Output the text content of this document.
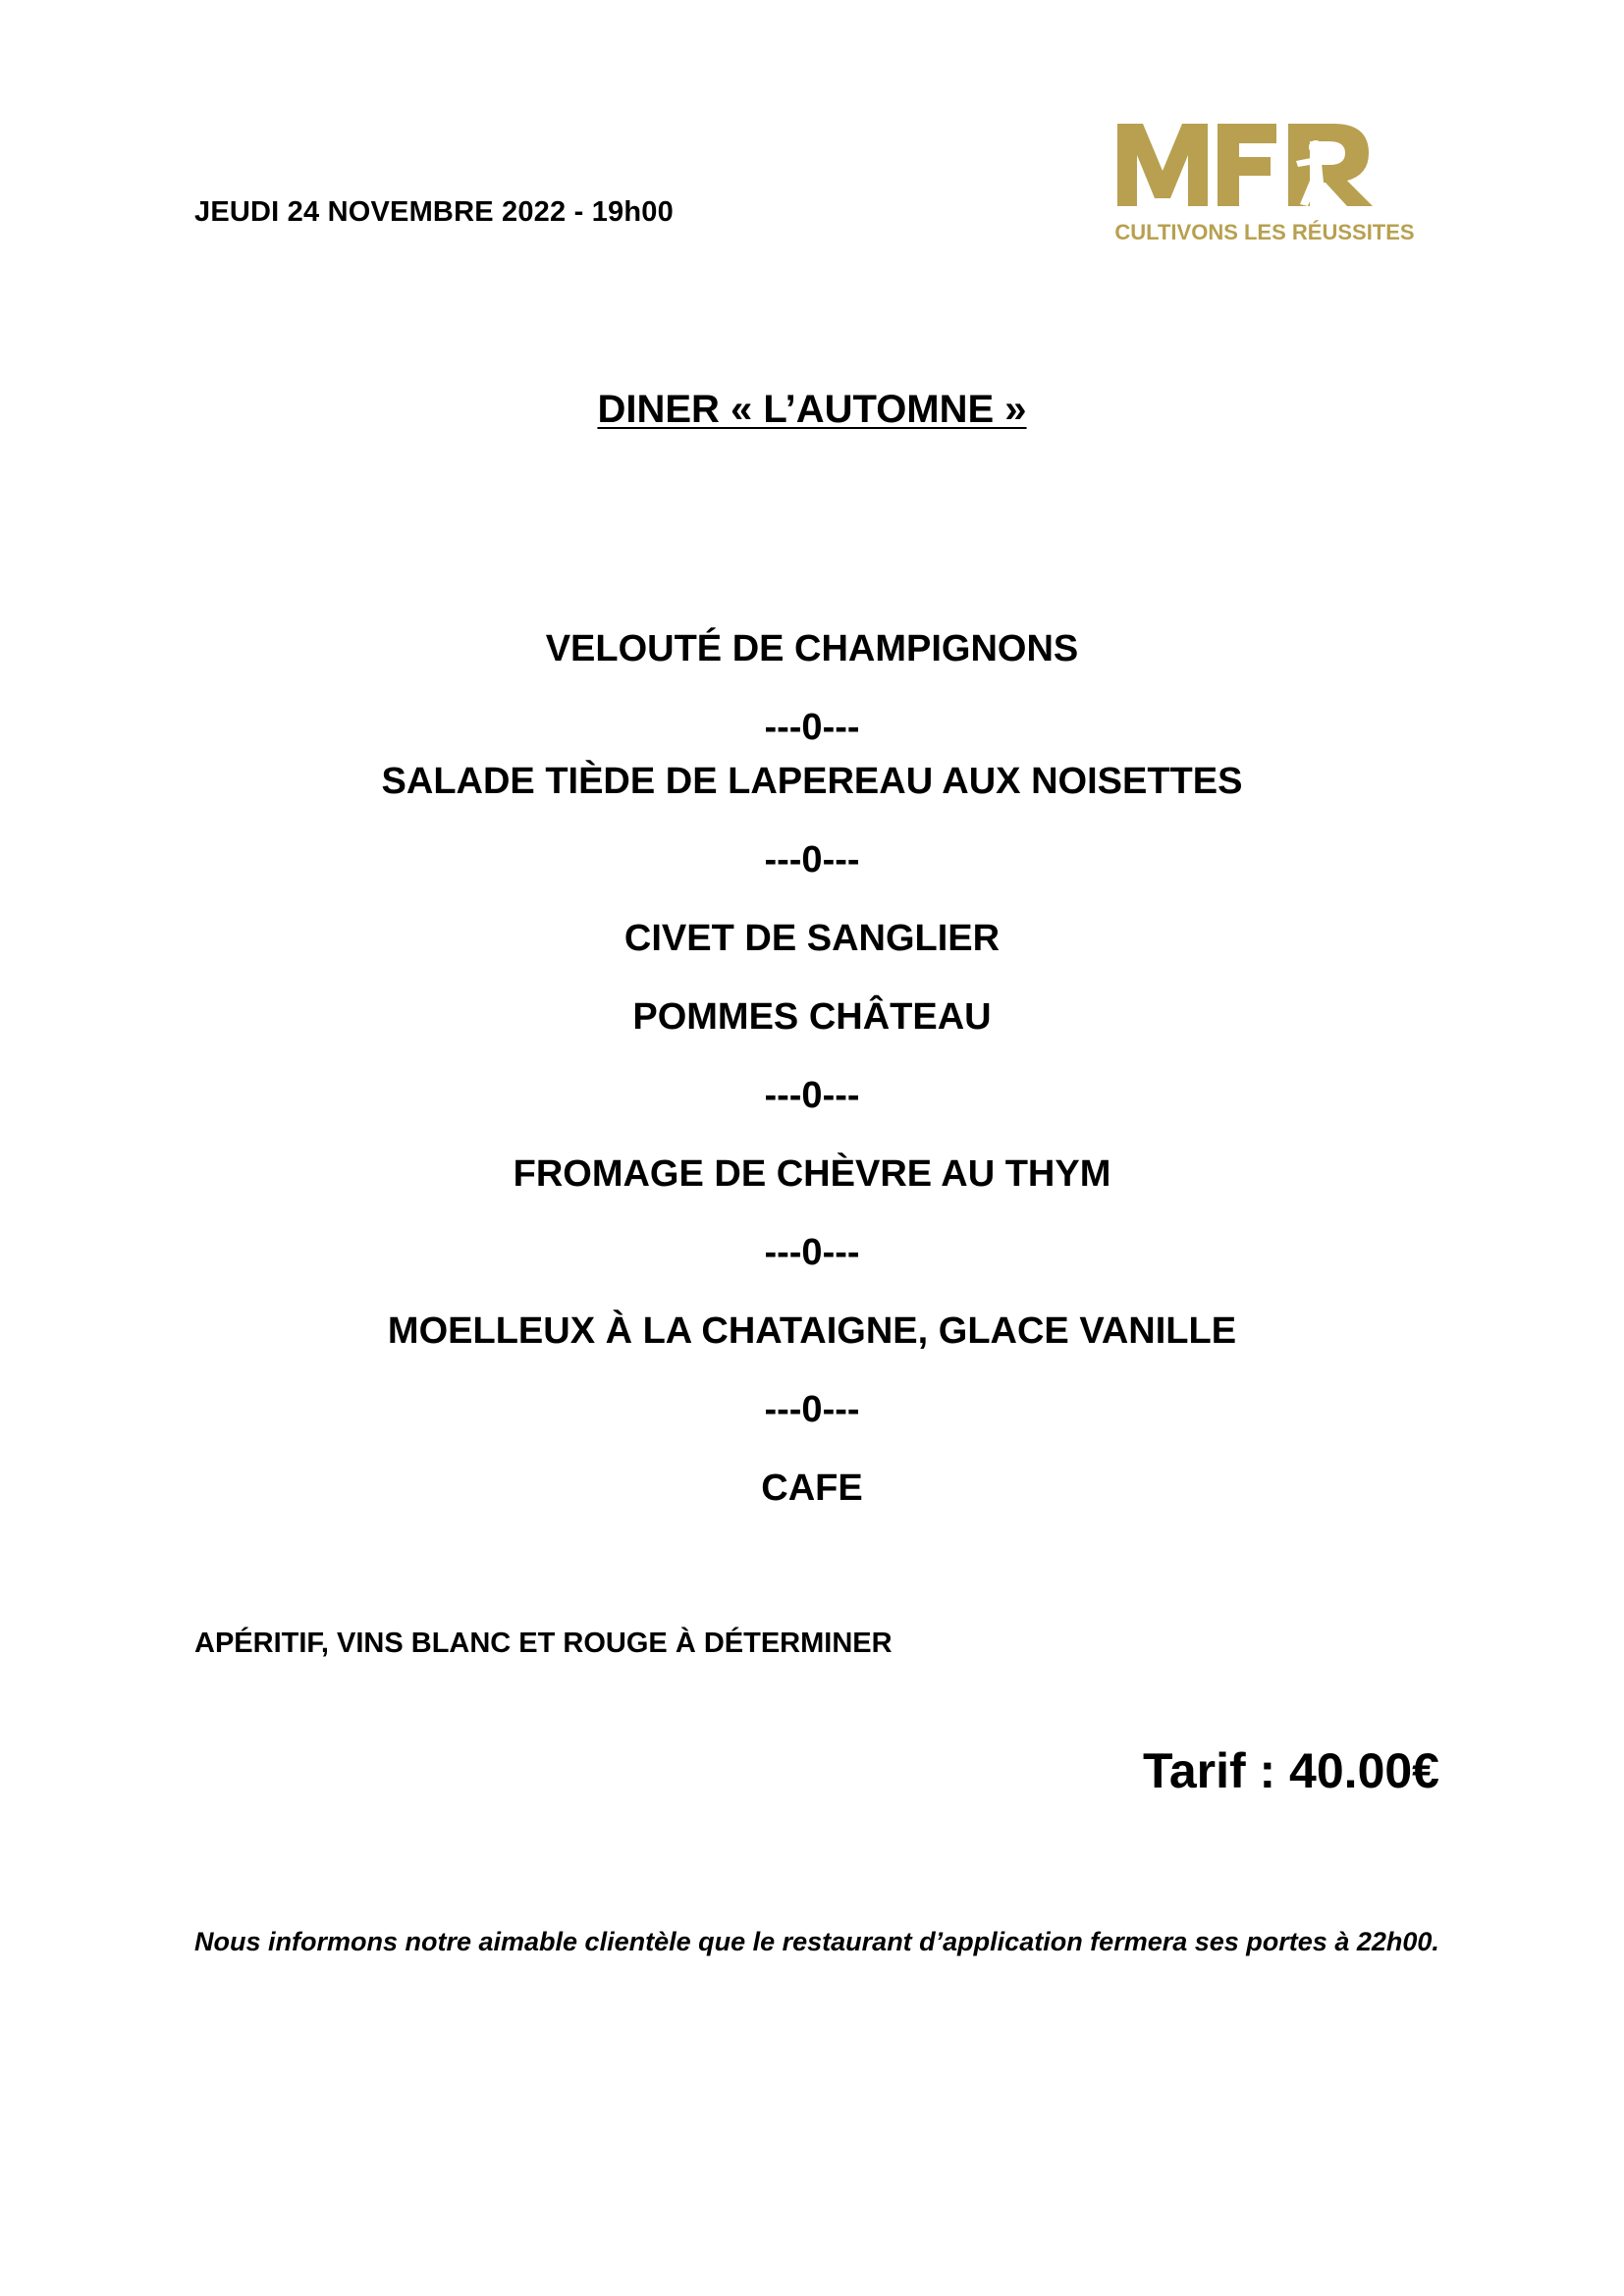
JEUDI 24 NOVEMBRE 2022 - 19h00
CULTIVONS LES RÉUSSITES
DINER « L’AUTOMNE »
VELOUTÉ DE CHAMPIGNONS
---0---
SALADE TIÈDE DE LAPEREAU AUX NOISETTES
---0---
CIVET DE SANGLIER
POMMES CHÂTEAU
---0---
FROMAGE DE CHÈVRE AU THYM
---0---
MOELLEUX À LA CHATAIGNE, GLACE VANILLE
---0---
CAFE
APÉRITIF, VINS BLANC ET ROUGE À DÉTERMINER
Tarif : 40.00€
Nous informons notre aimable clientèle que le restaurant d’application fermera ses portes à 22h00.
